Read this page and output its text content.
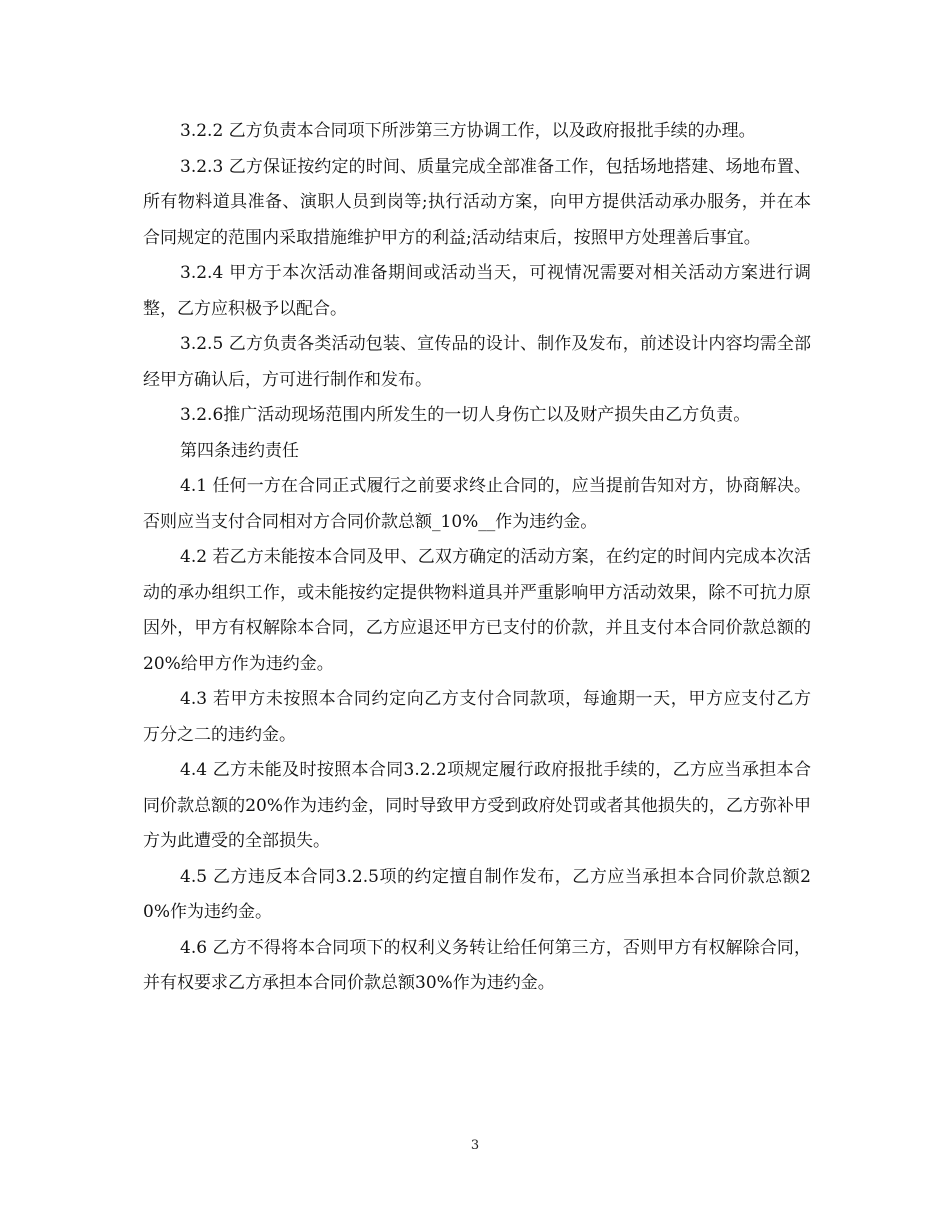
3.2.2 乙方负责本合同项下所涉第三方协调工作，以及政府报批手续的办理。

3.2.3 乙方保证按约定的时间、质量完成全部准备工作，包括场地搭建、场地布置、所有物料道具准备、演职人员到岗等;执行活动方案，向甲方提供活动承办服务，并在本合同规定的范围内采取措施维护甲方的利益;活动结束后，按照甲方处理善后事宜。

3.2.4 甲方于本次活动准备期间或活动当天，可视情况需要对相关活动方案进行调整，乙方应积极予以配合。

3.2.5 乙方负责各类活动包装、宣传品的设计、制作及发布，前述设计内容均需全部经甲方确认后，方可进行制作和发布。

3.2.6推广活动现场范围内所发生的一切人身伤亡以及财产损失由乙方负责。

第四条违约责任

4.1 任何一方在合同正式履行之前要求终止合同的，应当提前告知对方，协商解决。否则应当支付合同相对方合同价款总额_10%__作为违约金。

4.2 若乙方未能按本合同及甲、乙双方确定的活动方案，在约定的时间内完成本次活动的承办组织工作，或未能按约定提供物料道具并严重影响甲方活动效果，除不可抗力原因外，甲方有权解除本合同，乙方应退还甲方已支付的价款，并且支付本合同价款总额的20%给甲方作为违约金。

4.3 若甲方未按照本合同约定向乙方支付合同款项，每逾期一天，甲方应支付乙方 万分之二的违约金。

4.4 乙方未能及时按照本合同3.2.2项规定履行政府报批手续的，乙方应当承担本合同价款总额的20%作为违约金，同时导致甲方受到政府处罚或者其他损失的，乙方弥补甲方为此遭受的全部损失。

4.5 乙方违反本合同3.2.5项的约定擅自制作发布，乙方应当承担本合同价款总额20%作为违约金。

4.6 乙方不得将本合同项下的权利义务转让给任何第三方，否则甲方有权解除合同，并有权要求乙方承担本合同价款总额30%作为违约金。

3
